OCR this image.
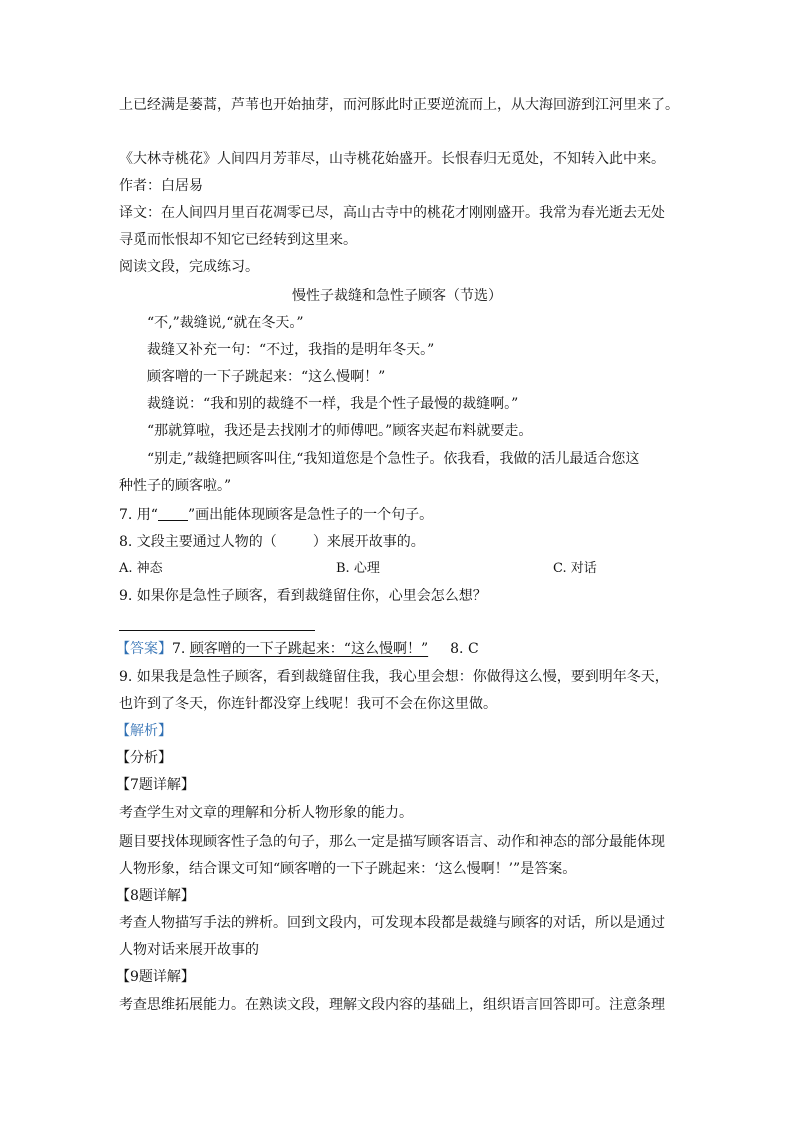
上已经满是蒌蒿，芦苇也开始抽芽，而河豚此时正要逆流而上，从大海回游到江河里来了。
《大林寺桃花》人间四月芳菲尽，山寺桃花始盛开。长恨春归无觅处，不知转入此中来。
作者：白居易
译文：在人间四月里百花凋零已尽，高山古寺中的桃花才刚刚盛开。我常为春光逝去无处
寻觅而怅恨却不知它已经转到这里来。
阅读文段，完成练习。
慢性子裁缝和急性子顾客（节选）
“不,”裁缝说,“就在冬天。”
裁缝又补充一句：“不过，我指的是明年冬天。”
顾客噌的一下子跳起来：“这么慢啊！”
裁缝说：“我和别的裁缝不一样，我是个性子最慢的裁缝啊。”
“那就算啦，我还是去找刚才的师傅吧。”顾客夹起布料就要走。
“别走,”裁缝把顾客叫住,“我知道您是个急性子。依我看，我做的活儿最适合您这
种性子的顾客啦。”
7. 用“ ”画出能体现顾客是急性子的一个句子。
8. 文段主要通过人物的（	）来展开故事的。
A. 神态	B. 心理	C. 对话
9. 如果你是急性子顾客，看到裁缝留住你，心里会怎么想？
【答案】7. 顾客噌的一下子跳起来：“这么慢啊！” 8. C
9. 如果我是急性子顾客，看到裁缝留住我，我心里会想：你做得这么慢，要到明年冬天，
也许到了冬天，你连针都没穿上线呢！我可不会在你这里做。
【解析】
【分析】
【7题详解】
考查学生对文章的理解和分析人物形象的能力。
题目要找体现顾客性子急的句子，那么一定是描写顾客语言、动作和神态的部分最能体现
人物形象，结合课文可知“顾客噌的一下子跳起来：‘这么慢啊！’”是答案。
【8题详解】
考查人物描写手法的辨析。回到文段内，可发现本段都是裁缝与顾客的对话，所以是通过
人物对话来展开故事的
【9题详解】
考查思维拓展能力。在熟读文段，理解文段内容的基础上，组织语言回答即可。注意条理
